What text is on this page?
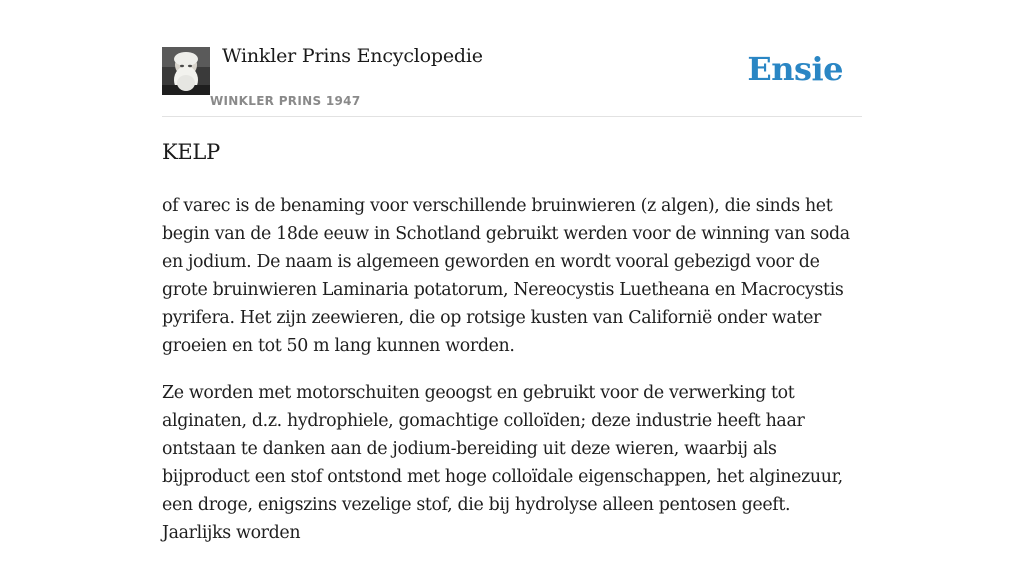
Winkler Prins Encyclopedie
WINKLER PRINS 1947
Ensie
KELP

of varec is de benaming voor verschillende bruinwieren (z algen), die sinds het begin van de 18de eeuw in Schotland gebruikt werden voor de winning van soda en jodium. De naam is algemeen geworden en wordt vooral gebezigd voor de grote bruinwieren Laminaria potatorum, Nereocystis Luetheana en Macrocystis pyrifera. Het zijn zeewieren, die op rotsige kusten van Californië onder water groeien en tot 50 m lang kunnen worden.

Ze worden met motorschuiten geoogst en gebruikt voor de verwerking tot alginaten, d.z. hydrophiele, gomachtige colloïden; deze industrie heeft haar ontstaan te danken aan de jodium-bereiding uit deze wieren, waarbij als bijproduct een stof ontstond met hoge colloïdale eigenschappen, het alginezuur, een droge, enigszins vezelige stof, die bij hydrolyse alleen pentosen geeft. Jaarlijks worden
